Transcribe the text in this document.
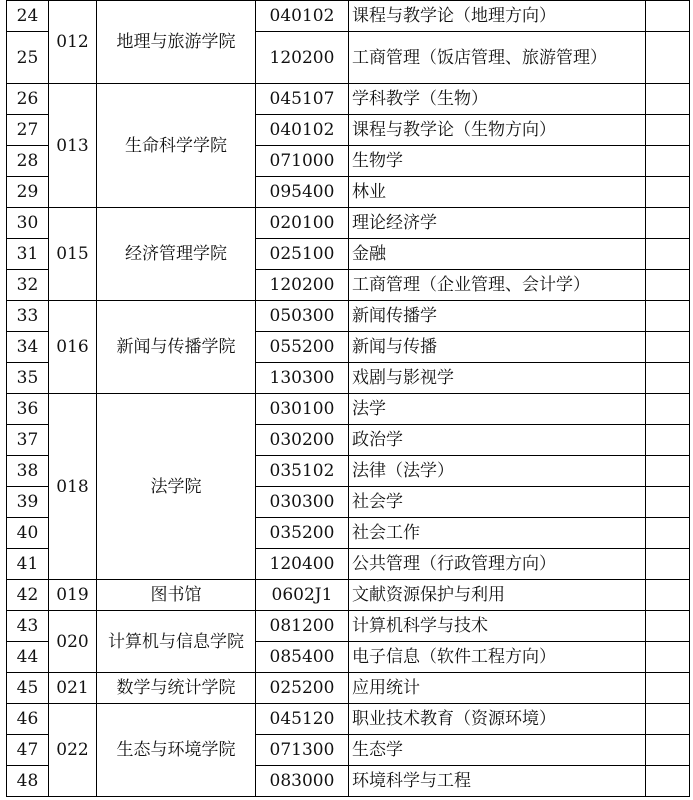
24	012	地理与旅游学院	040102	课程与教学论（地理方向）	
25			120200	工商管理（饭店管理、旅游管理）	
26	013	生命科学学院	045107	学科教学（生物）	
27			040102	课程与教学论（生物方向）	
28			071000	生物学	
29			095400	林业	
30	015	经济管理学院	020100	理论经济学	
31			025100	金融	
32			120200	工商管理（企业管理、会计学）	
33	016	新闻与传播学院	050300	新闻传播学	
34			055200	新闻与传播	
35			130300	戏剧与影视学	
36	018	法学院	030100	法学	
37			030200	政治学	
38			035102	法律（法学）	
39			030300	社会学	
40			035200	社会工作	
41			120400	公共管理（行政管理方向）	
42	019	图书馆	0602J1	文献资源保护与利用	
43	020	计算机与信息学院	081200	计算机科学与技术	
44			085400	电子信息（软件工程方向）	
45	021	数学与统计学院	025200	应用统计	
46	022	生态与环境学院	045120	职业技术教育（资源环境）	
47			071300	生态学	
48			083000	环境科学与工程	
